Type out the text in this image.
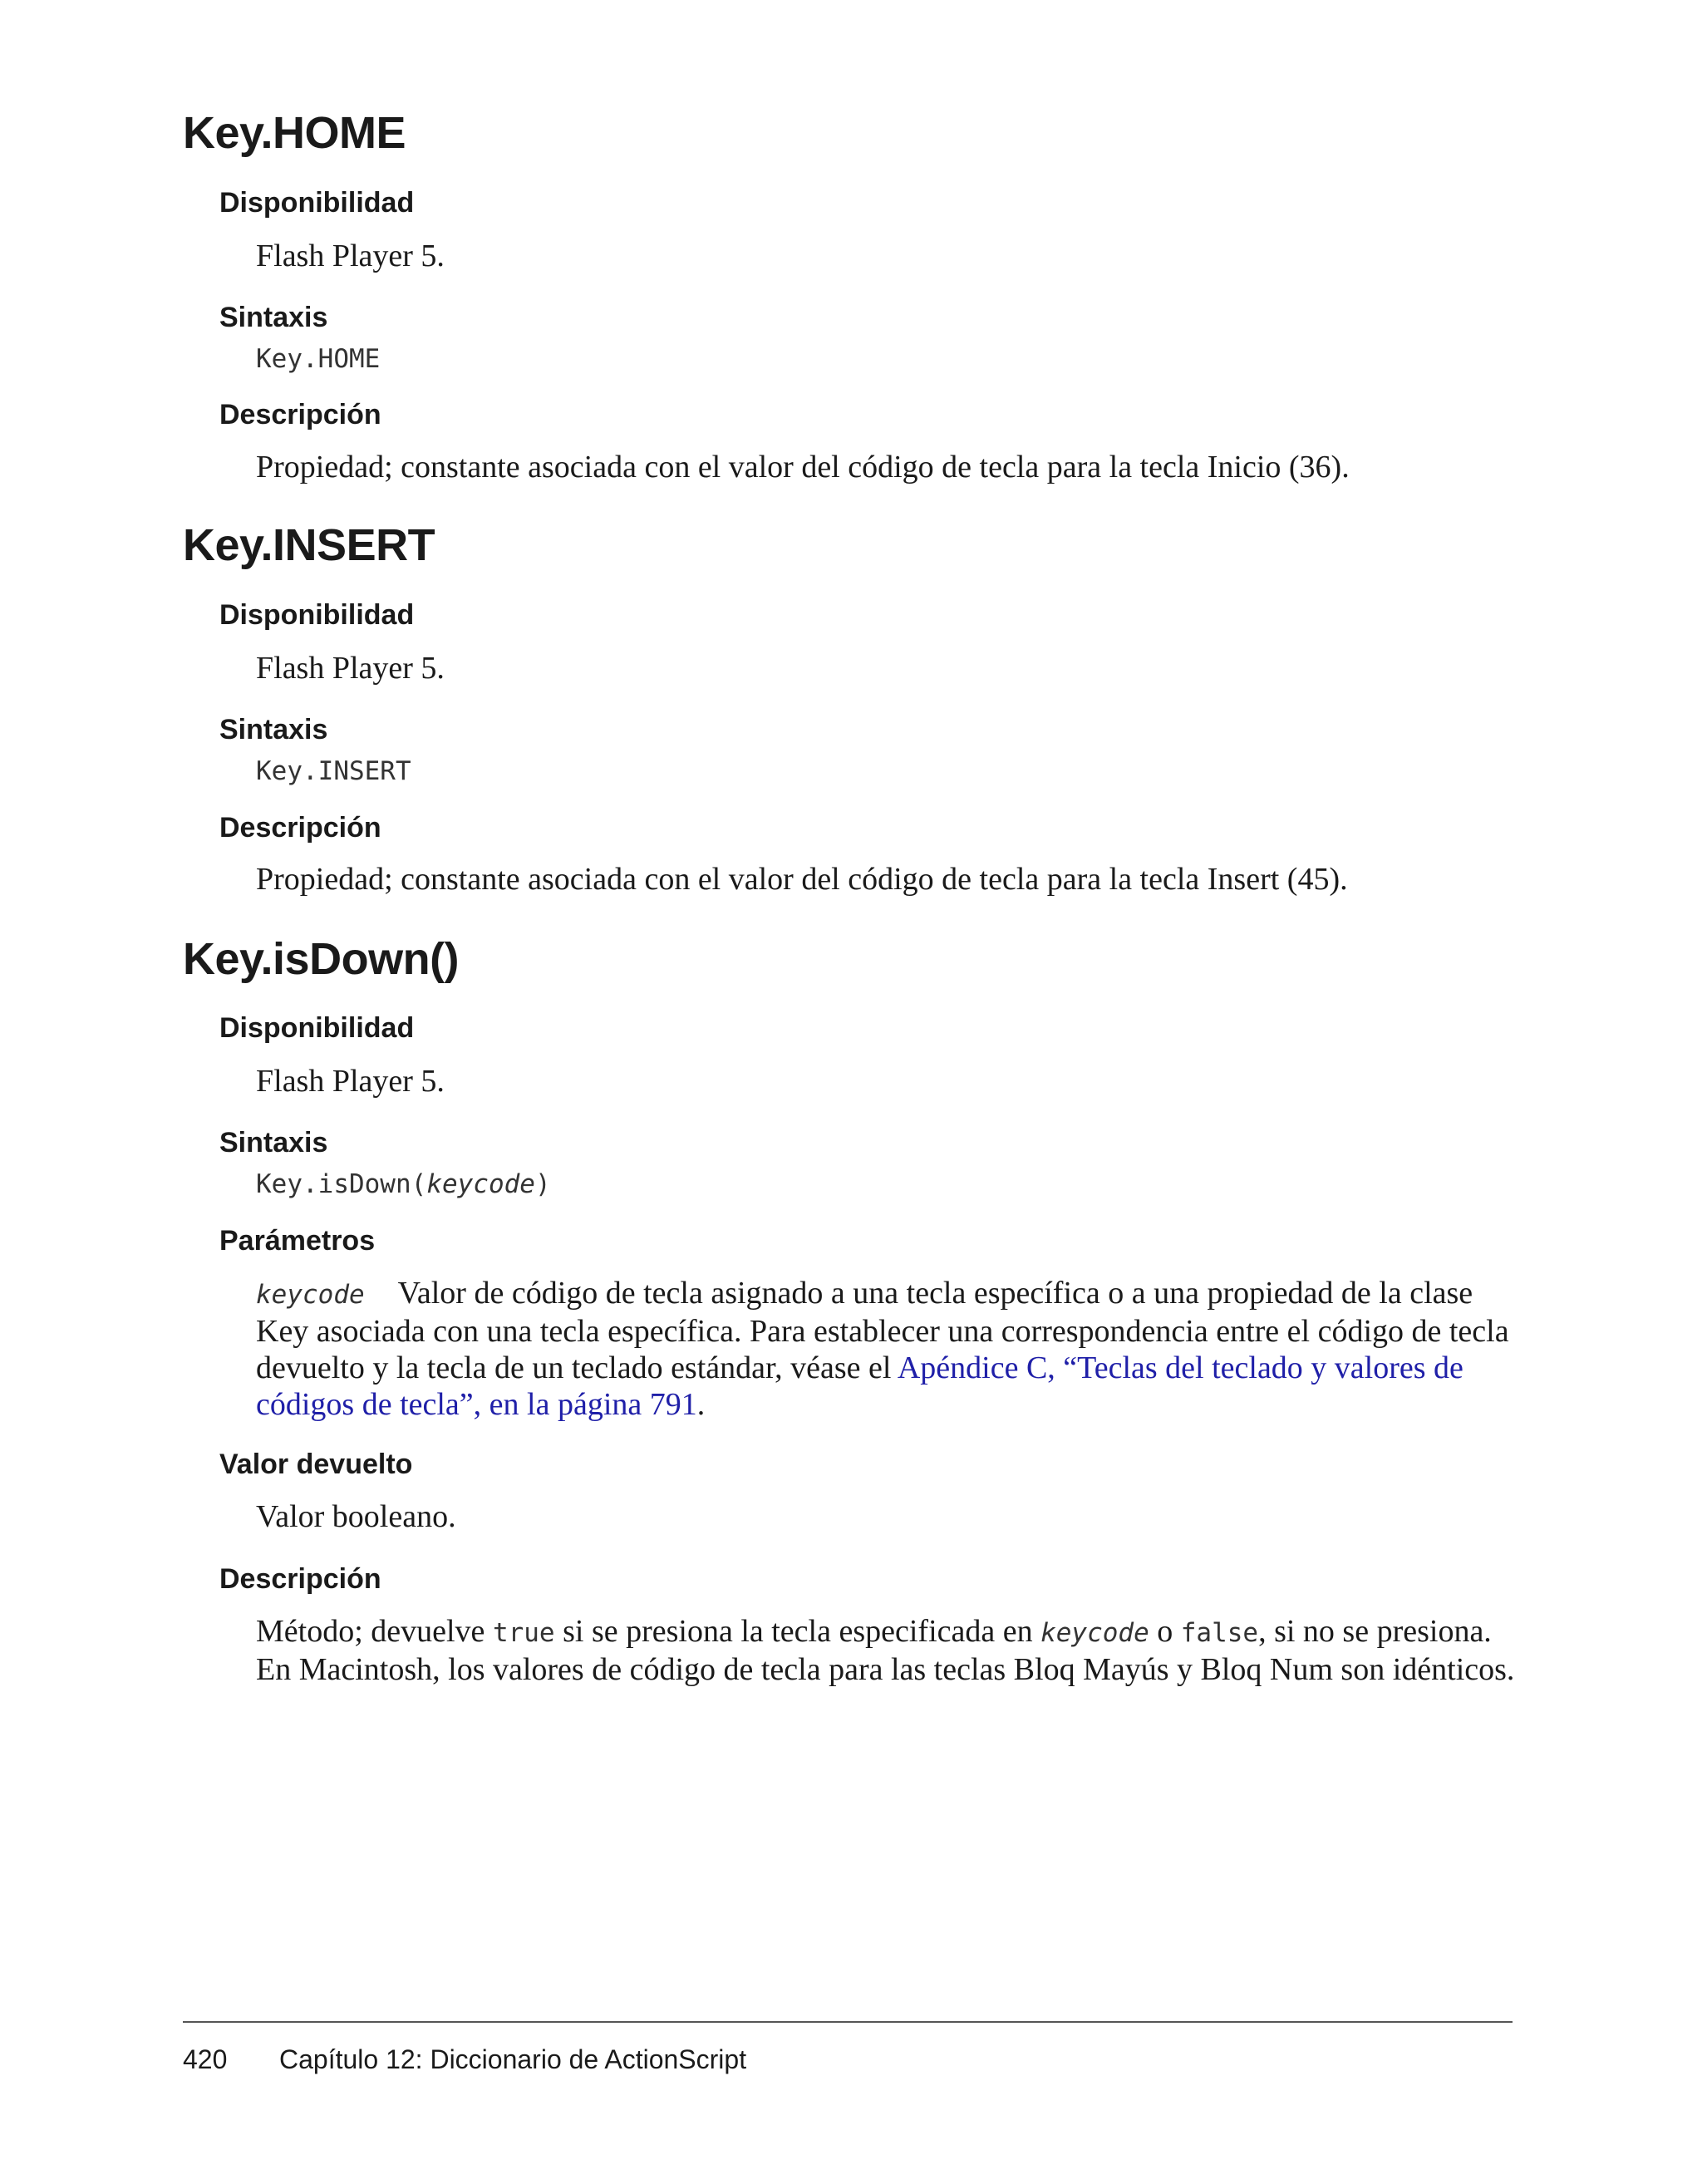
Key.HOME
Disponibilidad

Flash Player 5.

Sintaxis
Key.HOME
Descripción

Propiedad; constante asociada con el valor del código de tecla para la tecla Inicio (36).

Key.INSERT
Disponibilidad

Flash Player 5.

Sintaxis
Key.INSERT
Descripción

Propiedad; constante asociada con el valor del código de tecla para la tecla Insert (45).

Key.isDown()
Disponibilidad

Flash Player 5.

Sintaxis
Key.isDown(keycode)
Parámetros

keycode Valor de código de tecla asignado a una tecla específica o a una propiedad de la clase Key asociada con una tecla específica. Para establecer una correspondencia entre el código de tecla devuelto y la tecla de un teclado estándar, véase el Apéndice C, “Teclas del teclado y valores de códigos de tecla”, en la página 791.

Valor devuelto

Valor booleano.

Descripción

Método; devuelve true si se presiona la tecla especificada en keycode o false, si no se presiona. En Macintosh, los valores de código de tecla para las teclas Bloq Mayús y Bloq Num son idénticos.

420 Capítulo 12: Diccionario de ActionScript
